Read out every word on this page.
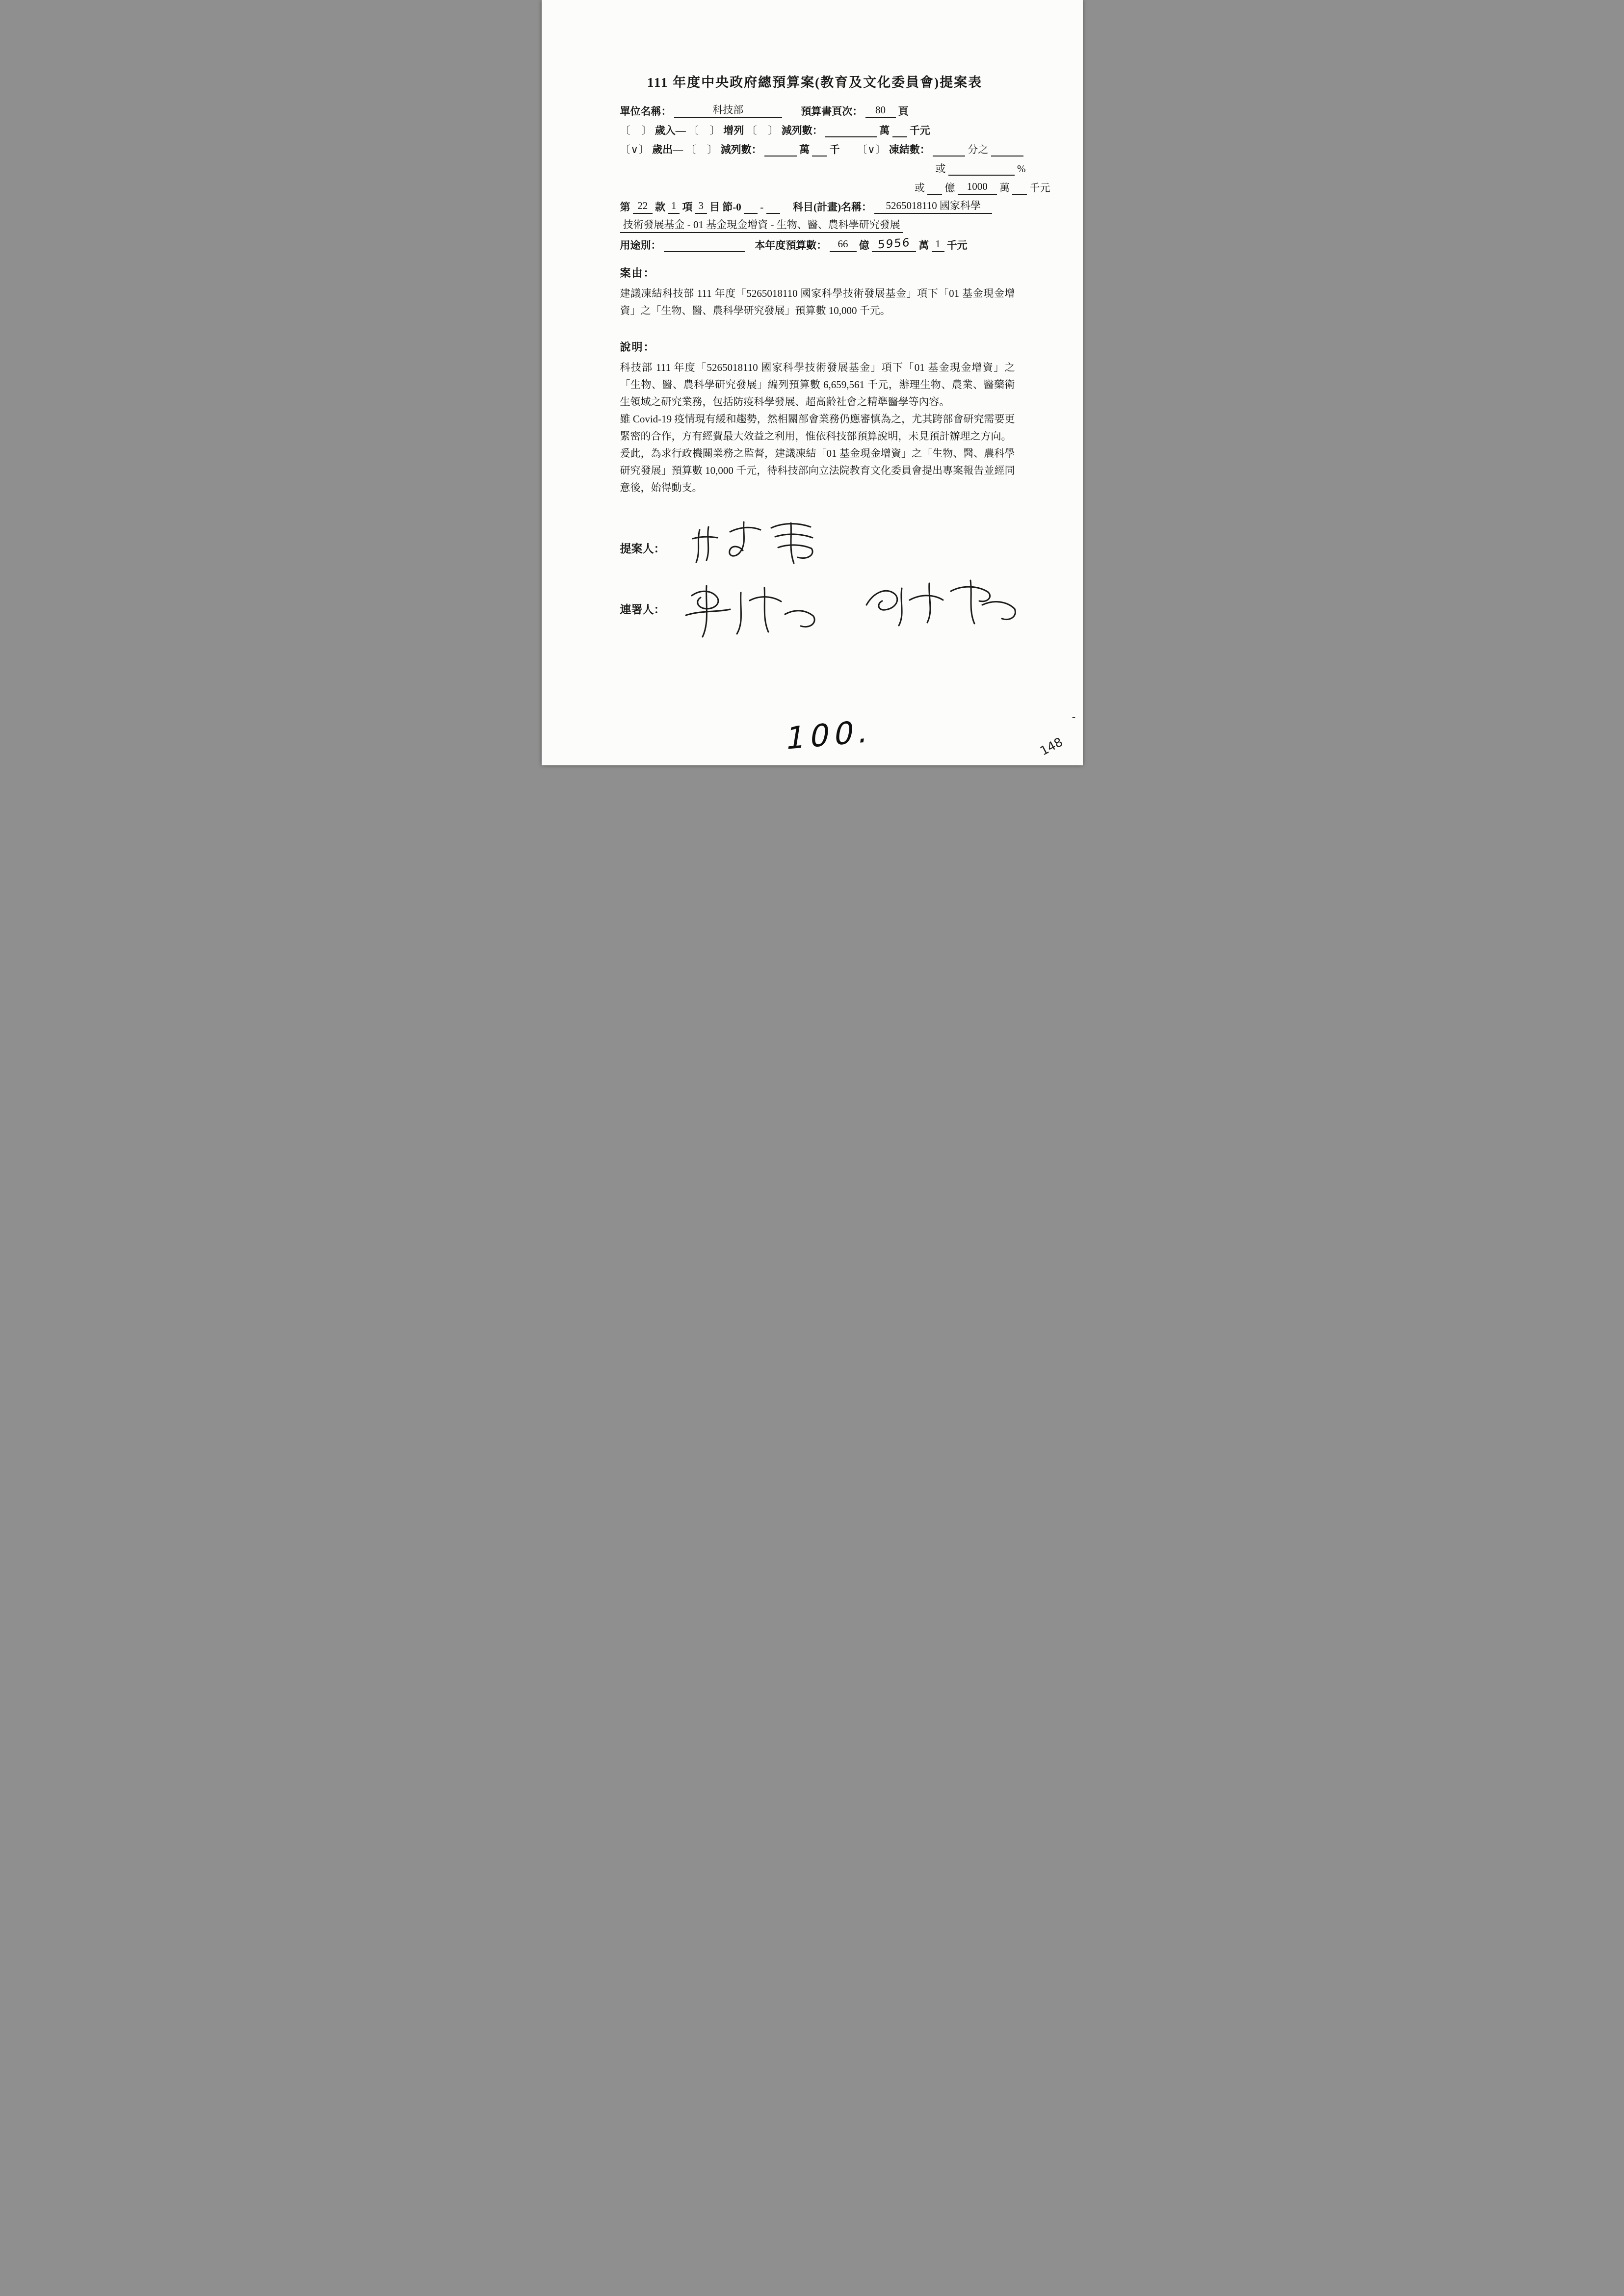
111 年度中央政府總預算案(教育及文化委員會)提案表
單位名稱：	科技部	預算書頁次： 80 頁
〔　〕 歲入— 〔　〕 增列 〔　〕 減列數：	萬 千元
〔∨〕 歲出— 〔　〕 減列數：	萬 千 〔∨〕 凍結數：	分之
或	%
或 億 1000 萬 千元
第 22 款 1 項 3 目 節-0 -	科目(計畫)名稱： 5265018110 國家科學
技術發展基金 - 01 基金現金增資 - 生物、醫、農科學研究發展
用途別：	本年度預算數： 66 億 5956 萬 1 千元
案由：

建議凍結科技部 111 年度「5265018110 國家科學技術發展基金」項下「01 基金現金增資」之「生物、醫、農科學研究發展」預算數 10,000 千元。

說明：

科技部 111 年度「5265018110 國家科學技術發展基金」項下「01 基金現金增資」之「生物、醫、農科學研究發展」編列預算數 6,659,561 千元，辦理生物、農業、醫藥衛生領域之研究業務，包括防疫科學發展、超高齡社會之精準醫學等內容。

雖 Covid-19 疫情現有緩和趨勢，然相關部會業務仍應審慎為之，尤其跨部會研究需要更緊密的合作，方有經費最大效益之利用，惟依科技部預算說明，未見預計辦理之方向。

爰此，為求行政機關業務之監督，建議凍結「01 基金現金增資」之「生物、醫、農科學研究發展」預算數 10,000 千元，待科技部向立法院教育文化委員會提出專案報告並經同意後，始得動支。

提案人：
連署人：
100.	148
-
